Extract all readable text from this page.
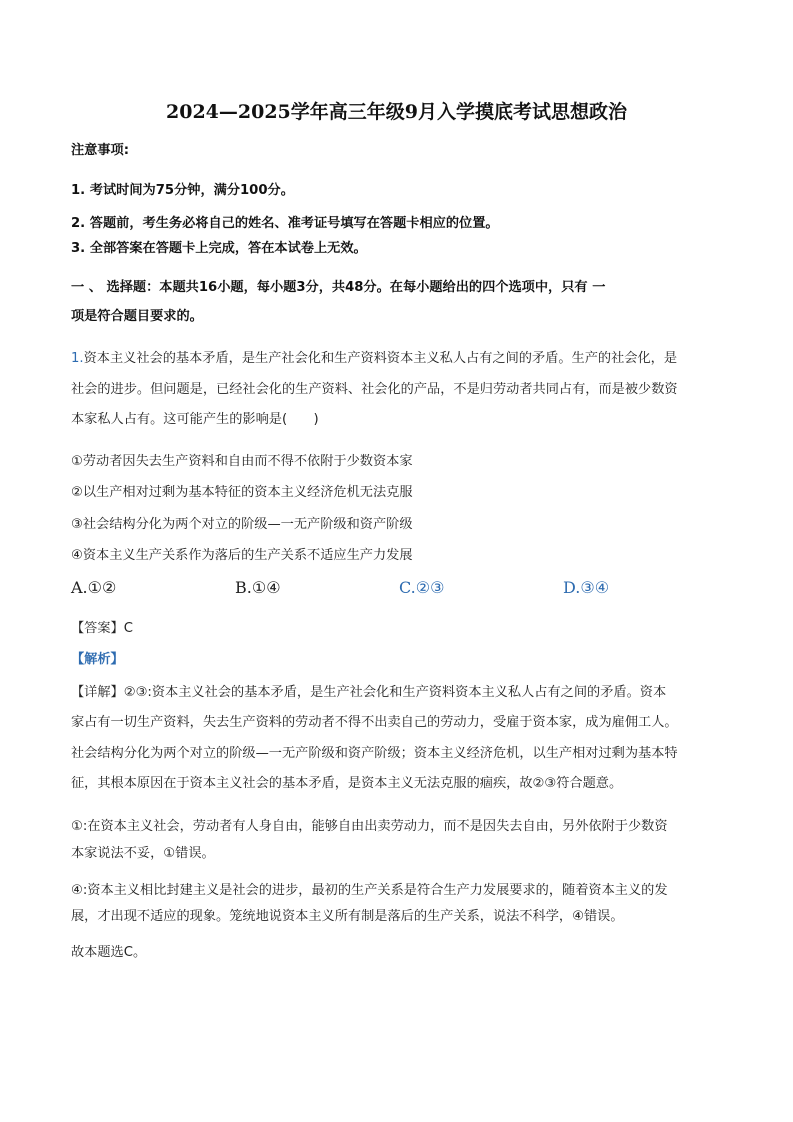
2024—2025学年高三年级9月入学摸底考试思想政治
注意事项:
1. 考试时间为75分钟，满分100分。
2. 答题前，考生务必将自己的姓名、准考证号填写在答题卡相应的位置。
3. 全部答案在答题卡上完成，答在本试卷上无效。
一 、 选择题：本题共16小题，每小题3分，共48分。在每小题给出的四个选项中，只有 一
项是符合题目要求的。
1.资本主义社会的基本矛盾，是生产社会化和生产资料资本主义私人占有之间的矛盾。生产的社会化，是
社会的进步。但问题是，已经社会化的生产资料、社会化的产品，不是归劳动者共同占有，而是被少数资
本家私人占有。这可能产生的影响是(　　)
①劳动者因失去生产资料和自由而不得不依附于少数资本家
②以生产相对过剩为基本特征的资本主义经济危机无法克服
③社会结构分化为两个对立的阶级—一无产阶级和资产阶级
④资本主义生产关系作为落后的生产关系不适应生产力发展
A.①②	B.①④	C.②③	D.③④
【答案】C
【解析】
【详解】②③:资本主义社会的基本矛盾，是生产社会化和生产资料资本主义私人占有之间的矛盾。资本
家占有一切生产资料，失去生产资料的劳动者不得不出卖自己的劳动力，受雇于资本家，成为雇佣工人。
社会结构分化为两个对立的阶级—一无产阶级和资产阶级；资本主义经济危机，以生产相对过剩为基本特
征，其根本原因在于资本主义社会的基本矛盾，是资本主义无法克服的痼疾，故②③符合题意。
①:在资本主义社会，劳动者有人身自由，能够自由出卖劳动力，而不是因失去自由，另外依附于少数资
本家说法不妥，①错误。
④:资本主义相比封建主义是社会的进步，最初的生产关系是符合生产力发展要求的，随着资本主义的发
展，才出现不适应的现象。笼统地说资本主义所有制是落后的生产关系，说法不科学，④错误。
故本题选C。
